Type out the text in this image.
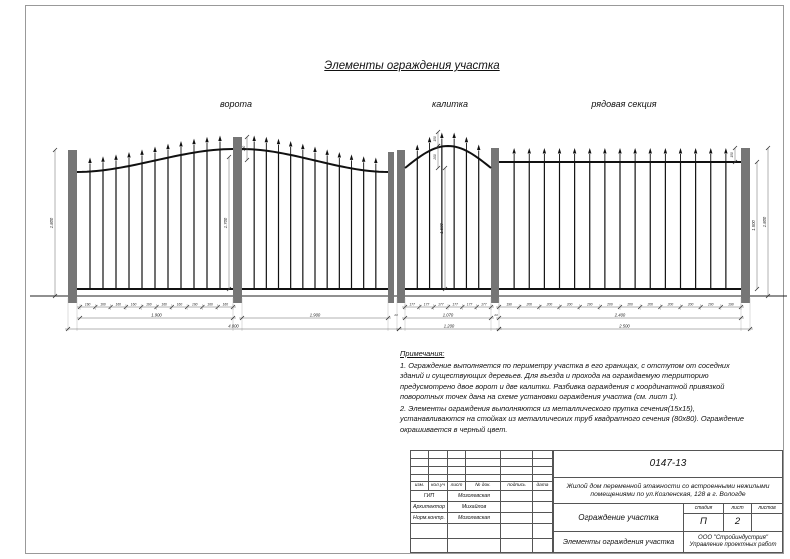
1.800	1.700
200
1.500
200
150
1.500 1.800
150
160	160	160	160	160	160	160	160	160	160	177	177	177	177	177	177	190	200	200	200	200	200	200	200	200	200	200	190
1.900	1.900	23	1.070	23	2.400
4.000	1.200	2.500
Элементы ограждения участка
ворота	калитка	рядовая секция
Примечания:

1. Ограждение выполняется по периметру участка в его границах, с отступом от соседних зданий и существующих деревьев. Для въезда и прохода на ограждаемую территорию предусмотрено двое ворот и две калитки. Разбивка ограждения с координатной привязкой поворотных точек дана на схеме установки ограждения участка (см. лист 1).

2. Элементы ограждения выполняются из металлического прутка сечения(15х15), устанавливаются на стойках из металлических труб квадратного сечения (80х80). Ограждение окрашивается в черный цвет.

изм.	кол.уч	лист	№ док.	подпись	дата
ГИП	Мозолевская
Архитектор	Михайлов
Норм.контр.	Мозолевская
0147-13
Жилой дом переменной этажности со встроенными нежилыми помещениями по ул.Козленская, 128 в г. Вологде
Ограждение участка
стадия	лист	листов
П	2
Элементы ограждения участка	ООО "Стройиндустрия"
Управление проектных работ
